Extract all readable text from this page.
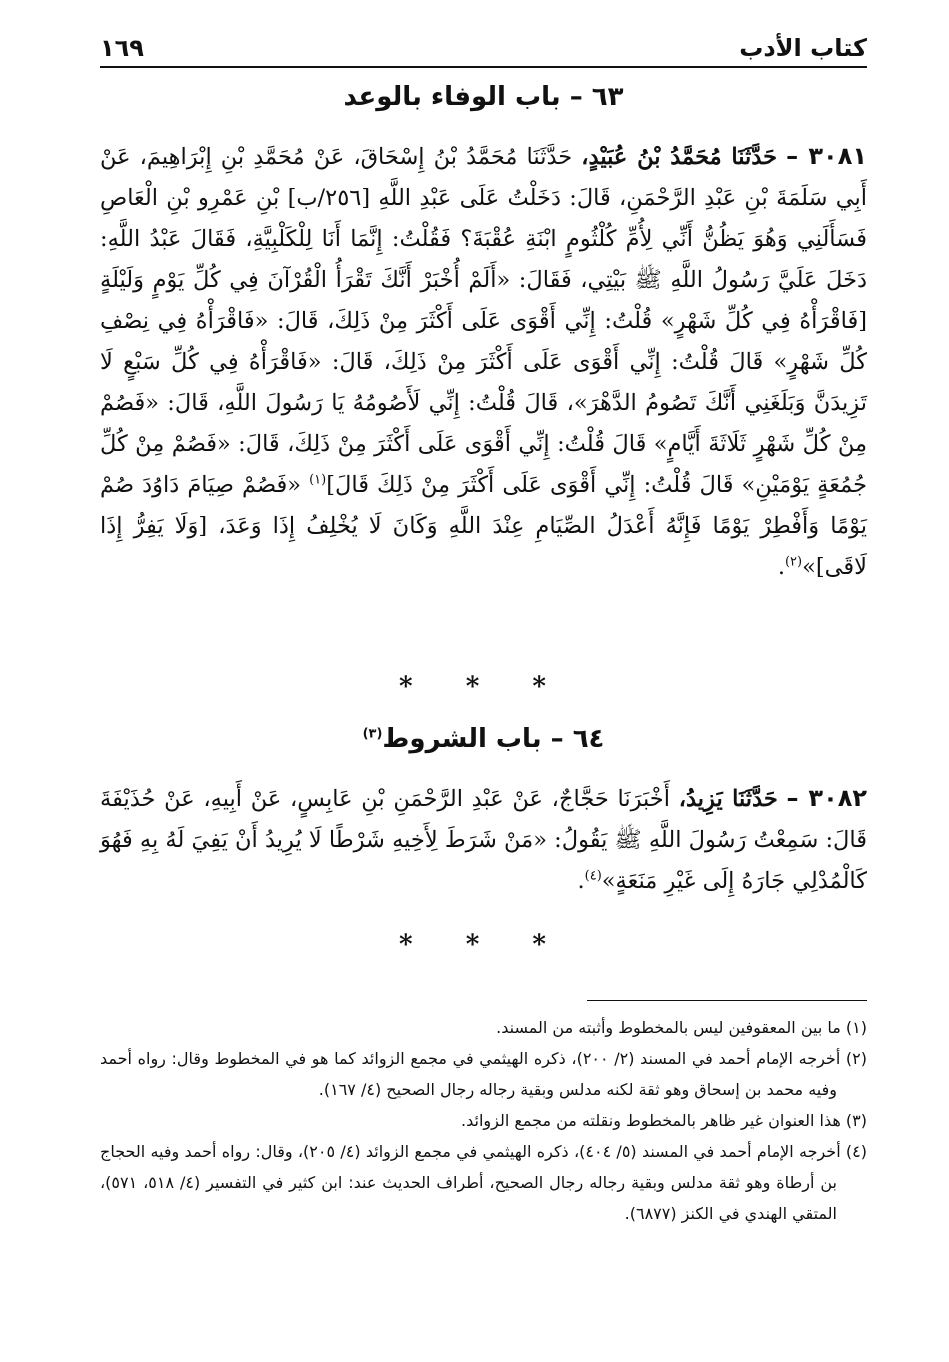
كتاب الأدب
١٦٩
٦٣ – باب الوفاء بالوعد
٣٠٨١ – حَدَّثَنَا مُحَمَّدُ بْنُ عُبَيْدٍ، حَدَّثَنَا مُحَمَّدُ بْنُ إِسْحَاقَ، عَنْ مُحَمَّدِ بْنِ إِبْرَاهِيمَ، عَنْ أَبِي سَلَمَةَ بْنِ عَبْدِ الرَّحْمَنِ، قَالَ: دَخَلْتُ عَلَى عَبْدِ اللَّهِ [٢٥٦/ب] بْنِ عَمْرِو بْنِ الْعَاصِ فَسَأَلَنِي وَهُوَ يَظُنُّ أَنِّي لِأُمِّ كُلْثُومٍ ابْنَةِ عُقْبَةَ؟ فَقُلْتُ: إِنَّمَا أَنَا لِلْكَلْبِيَّةِ، فَقَالَ عَبْدُ اللَّهِ: دَخَلَ عَلَيَّ رَسُولُ اللَّهِ ﷺ بَيْتِي، فَقَالَ: «أَلَمْ أُخْبَرْ أَنَّكَ تَقْرَأُ الْقُرْآنَ فِي كُلِّ يَوْمٍ وَلَيْلَةٍ [فَاقْرَأْهُ فِي كُلِّ شَهْرٍ» قُلْتُ: إِنِّي أَقْوَى عَلَى أَكْثَرَ مِنْ ذَلِكَ، قَالَ: «فَاقْرَأْهُ فِي نِصْفِ كُلِّ شَهْرٍ» قَالَ قُلْتُ: إِنِّي أَقْوَى عَلَى أَكْثَرَ مِنْ ذَلِكَ، قَالَ: «فَاقْرَأْهُ فِي كُلِّ سَبْعٍ لَا تَزِيدَنَّ وَبَلَغَنِي أَنَّكَ تَصُومُ الدَّهْرَ»، قَالَ قُلْتُ: إِنِّي لَأَصُومُهُ يَا رَسُولَ اللَّهِ، قَالَ: «فَصُمْ مِنْ كُلِّ شَهْرٍ ثَلَاثَةَ أَيَّامٍ» قَالَ قُلْتُ: إِنِّي أَقْوَى عَلَى أَكْثَرَ مِنْ ذَلِكَ، قَالَ: «فَصُمْ مِنْ كُلِّ جُمُعَةٍ يَوْمَيْنِ» قَالَ قُلْتُ: إِنِّي أَقْوَى عَلَى أَكْثَرَ مِنْ ذَلِكَ قَالَ]$^{(١)}$ «فَصُمْ صِيَامَ دَاوُدَ صُمْ يَوْمًا وَأَفْطِرْ يَوْمًا فَإِنَّهُ أَعْدَلُ الصِّيَامِ عِنْدَ اللَّهِ وَكَانَ لَا يُخْلِفُ إِذَا وَعَدَ، [وَلَا يَفِرُّ إِذَا لَاقَى]»$^{(٢)}$.
* * *
٦٤ – باب الشروط$^{(٣)}$
٣٠٨٢ – حَدَّثَنَا يَزِيدُ، أَخْبَرَنَا حَجَّاجٌ، عَنْ عَبْدِ الرَّحْمَنِ بْنِ عَابِسٍ، عَنْ أَبِيهِ، عَنْ حُذَيْفَةَ قَالَ: سَمِعْتُ رَسُولَ اللَّهِ ﷺ يَقُولُ: «مَنْ شَرَطَ لِأَخِيهِ شَرْطًا لَا يُرِيدُ أَنْ يَفِيَ لَهُ بِهِ فَهُوَ كَالْمُدْلِي جَارَهُ إِلَى غَيْرِ مَنَعَةٍ»$^{(٤)}$.
* * *
(١) ما بين المعقوفين ليس بالمخطوط وأثبته من المسند.
(٢) أخرجه الإمام أحمد في المسند (٢/ ٢٠٠)، ذكره الهيثمي في مجمع الزوائد كما هو في المخطوط وقال: رواه أحمد وفيه محمد بن إسحاق وهو ثقة لكنه مدلس وبقية رجاله رجال الصحيح (٤/ ١٦٧).
(٣) هذا العنوان غير ظاهر بالمخطوط ونقلته من مجمع الزوائد.
(٤) أخرجه الإمام أحمد في المسند (٥/ ٤٠٤)، ذكره الهيثمي في مجمع الزوائد (٤/ ٢٠٥)، وقال: رواه أحمد وفيه الحجاج بن أرطاة وهو ثقة مدلس وبقية رجاله رجال الصحيح، أطراف الحديث عند: ابن كثير في التفسير (٤/ ٥١٨، ٥٧١)، المتقي الهندي في الكنز (٦٨٧٧).
